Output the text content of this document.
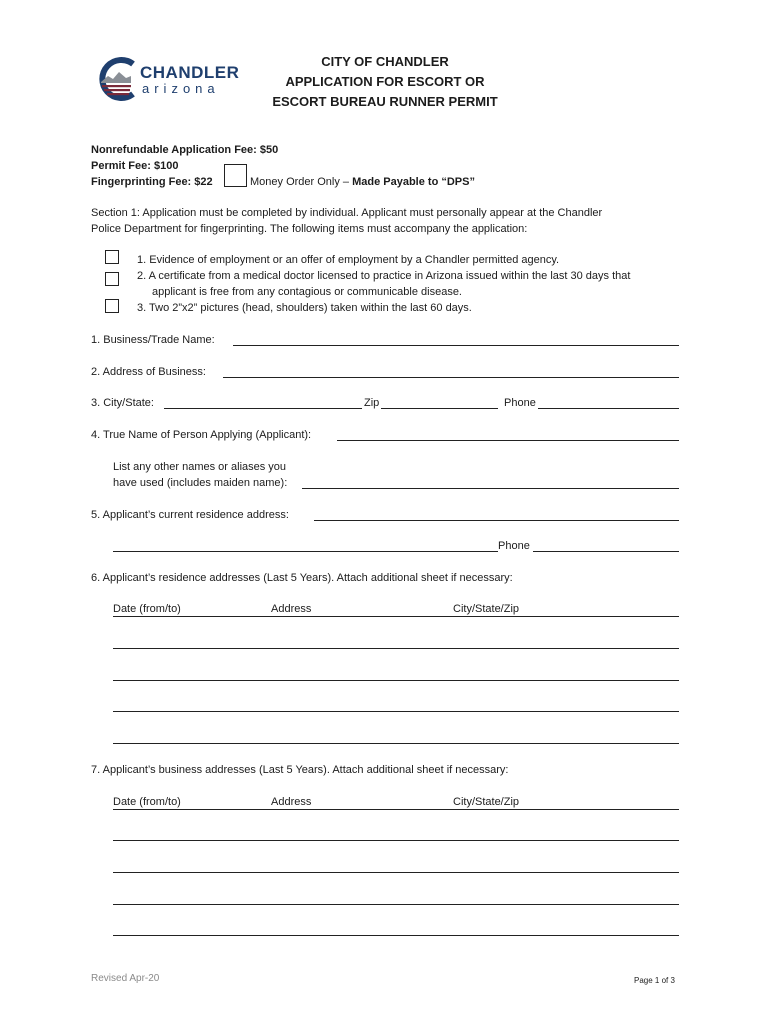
CHANDLER
arizona
CITY OF CHANDLER
APPLICATION FOR ESCORT OR
ESCORT BUREAU RUNNER PERMIT
Nonrefundable Application Fee: $50
Permit Fee: $100
Fingerprinting Fee: $22	Money Order Only – Made Payable to “DPS”
Section 1: Application must be completed by individual. Applicant must personally appear at the Chandler
Police Department for fingerprinting. The following items must accompany the application:
1. Evidence of employment or an offer of employment by a Chandler permitted agency.
2. A certificate from a medical doctor licensed to practice in Arizona issued within the last 30 days that
applicant is free from any contagious or communicable disease.
3. Two 2”x2” pictures (head, shoulders) taken within the last 60 days.
1. Business/Trade Name:
2. Address of Business:
3. City/State:	Zip	Phone
4. True Name of Person Applying (Applicant):
List any other names or aliases you
have used (includes maiden name):
5. Applicant’s current residence address:
Phone
6. Applicant’s residence addresses (Last 5 Years). Attach additional sheet if necessary:
Date (from/to)	Address	City/State/Zip
7. Applicant’s business addresses (Last 5 Years). Attach additional sheet if necessary:
Date (from/to)	Address	City/State/Zip
Revised Apr-20	Page 1 of 3
